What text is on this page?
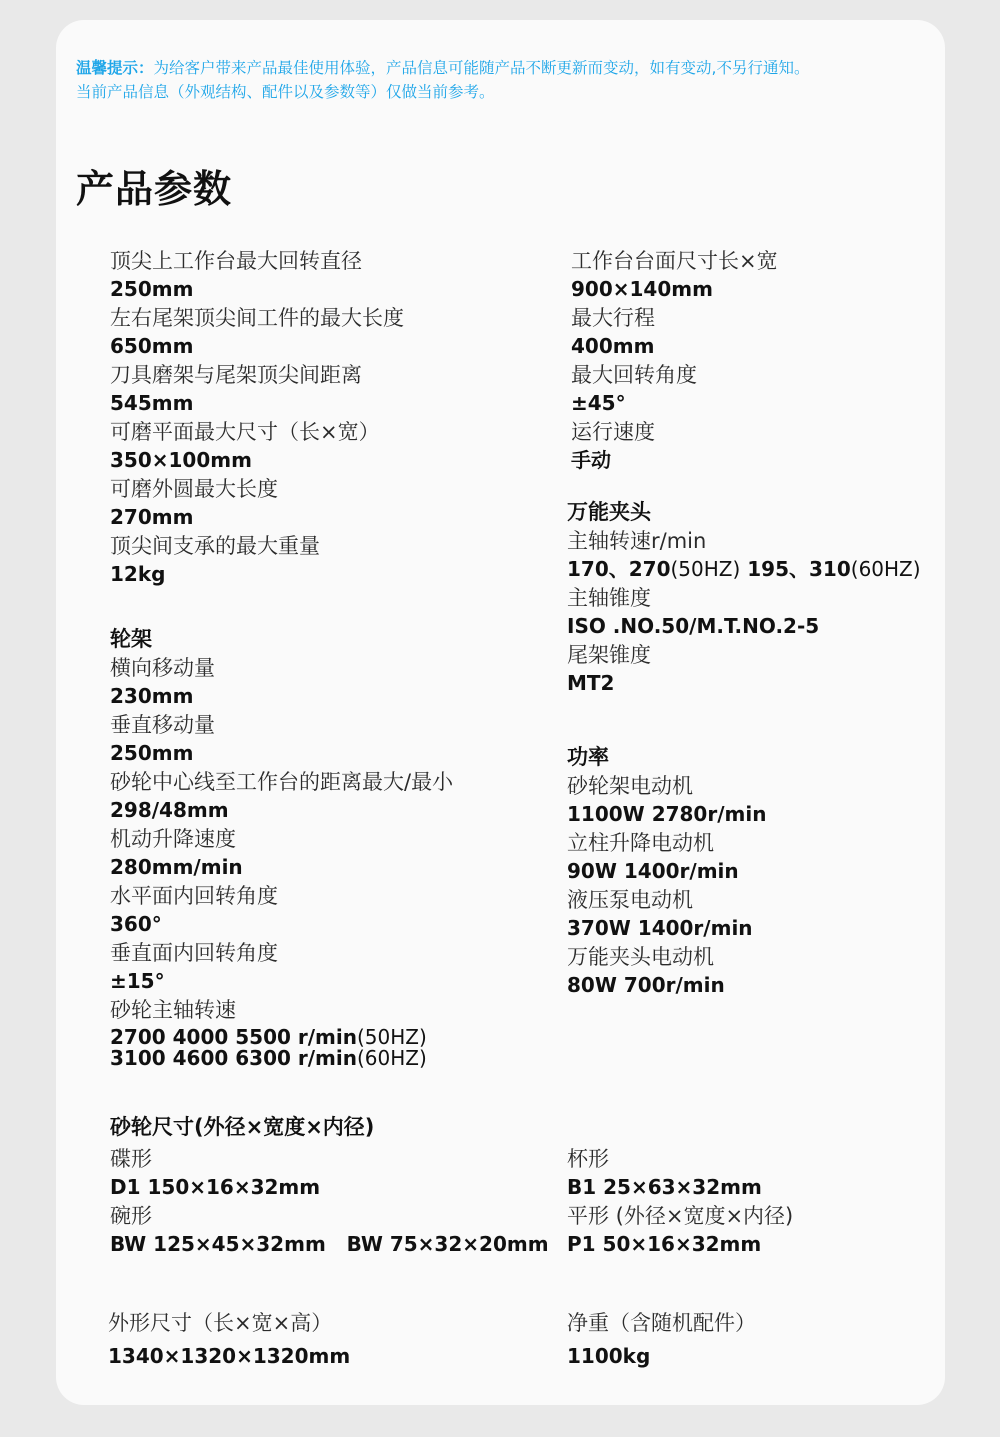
温馨提示：为给客户带来产品最佳使用体验，产品信息可能随产品不断更新而变动，如有变动,不另行通知。
当前产品信息（外观结构、配件以及参数等）仅做当前参考。
产品参数
顶尖上工作台最大回转直径
250mm
左右尾架顶尖间工件的最大长度
650mm
刀具磨架与尾架顶尖间距离
545mm
可磨平面最大尺寸（长×宽）
350×100mm
可磨外圆最大长度
270mm
顶尖间支承的最大重量
12kg
工作台台面尺寸长×宽
900×140mm
最大行程
400mm
最大回转角度
±45°
运行速度
手动
轮架
横向移动量
230mm
垂直移动量
250mm
砂轮中心线至工作台的距离最大/最小
298/48mm
机动升降速度
280mm/min
水平面内回转角度
360°
垂直面内回转角度
±15°
砂轮主轴转速
2700 4000 5500 r/min(50HZ)
3100 4600 6300 r/min(60HZ)
万能夹头
主轴转速r/min
170、270(50HZ) 195、310(60HZ)
主轴锥度
ISO .NO.50/M.T.NO.2-5
尾架锥度
MT2
功率
砂轮架电动机
1100W 2780r/min
立柱升降电动机
90W 1400r/min
液压泵电动机
370W 1400r/min
万能夹头电动机
80W 700r/min
砂轮尺寸(外径×宽度×内径)
碟形
D1 150×16×32mm
碗形
BW 125×45×32mm   BW 75×32×20mm
杯形
B1 25×63×32mm
平形 (外径×宽度×内径)
P1 50×16×32mm
外形尺寸（长×宽×高）
1340×1320×1320mm
净重（含随机配件）
1100kg
